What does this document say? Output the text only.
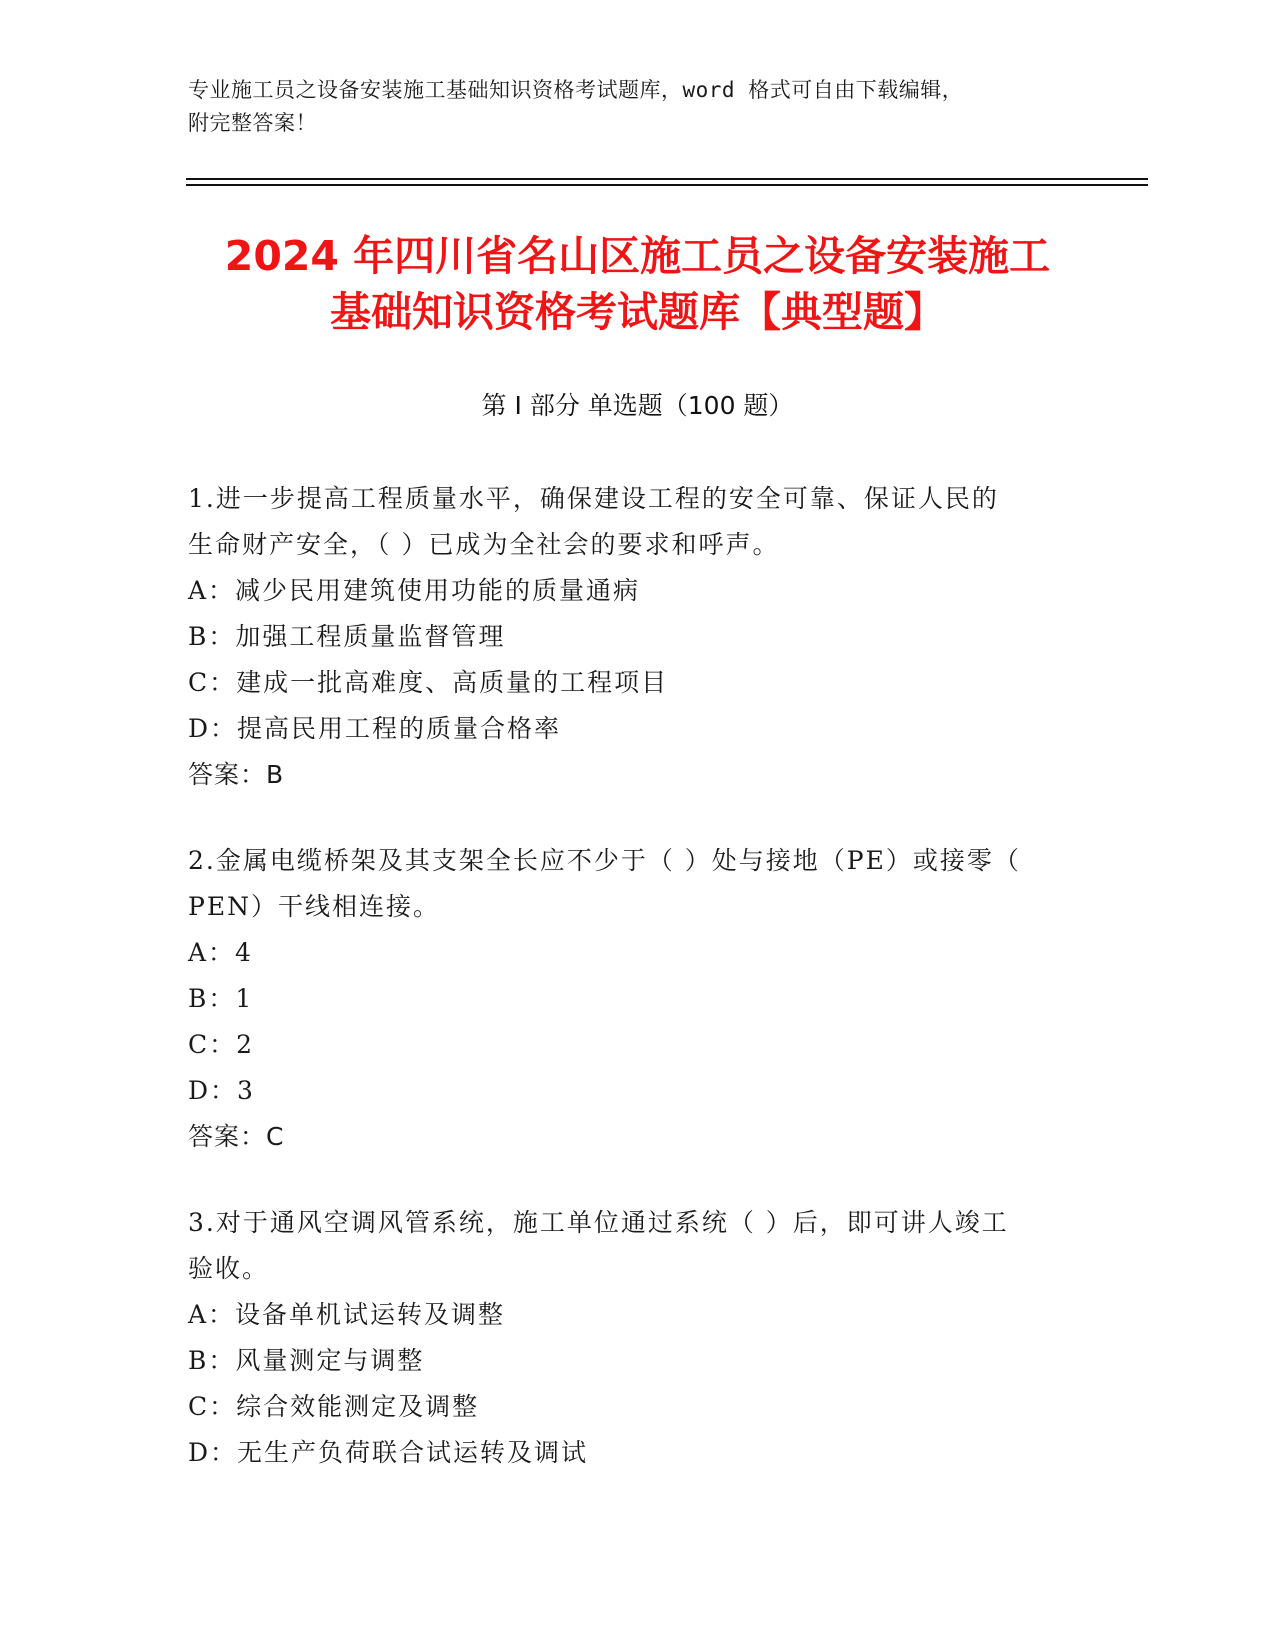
专业施工员之设备安装施工基础知识资格考试题库，word 格式可自由下载编辑，
附完整答案！
2024 年四川省名山区施工员之设备安装施工
基础知识资格考试题库【典型题】
第 I 部分 单选题（100 题）

1.进一步提高工程质量水平，确保建设工程的安全可靠、保证人民的

生命财产安全，（ ）已成为全社会的要求和呼声。

A：减少民用建筑使用功能的质量通病

B：加强工程质量监督管理

C：建成一批高难度、高质量的工程项目

D：提高民用工程的质量合格率

答案：B

2.金属电缆桥架及其支架全长应不少于（ ）处与接地（PE）或接零（

PEN）干线相连接。

A：4

B：1

C：2

D：3

答案：C

3.对于通风空调风管系统，施工单位通过系统（ ）后，即可讲人竣工

验收。

A：设备单机试运转及调整

B：风量测定与调整

C：综合效能测定及调整

D：无生产负荷联合试运转及调试
